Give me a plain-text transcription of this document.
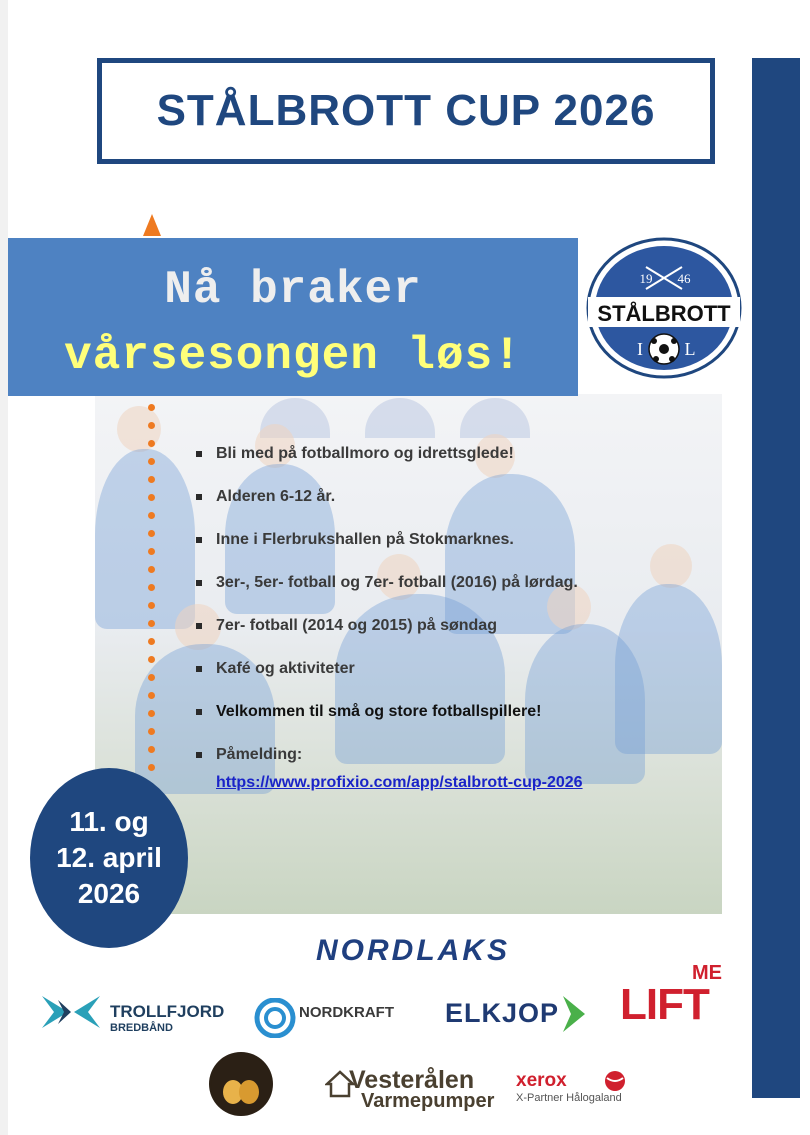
STÅLBROTT CUP 2026
Nå braker
vårsesongen løs!
19 46
STÅLBROTT
I L
Bli med på fotballmoro og idrettsglede!
Alderen 6-12 år.
Inne i Flerbrukshallen på Stokmarknes.
3er-, 5er- fotball og 7er- fotball (2016) på lørdag.
7er- fotball (2014 og 2015) på søndag
Kafé og aktiviteter
Velkommen til små og store fotballspillere!
Påmelding:
https://www.profixio.com/app/stalbrott-cup-2026
11. og
12. april
2026
NORDLAKS
TROLLFJORD
BREDBÅND
NORDKRAFT ELKJOP LIFT
ME
Vesterålen
Varmepumper
xerox
X-Partner Hålogaland
